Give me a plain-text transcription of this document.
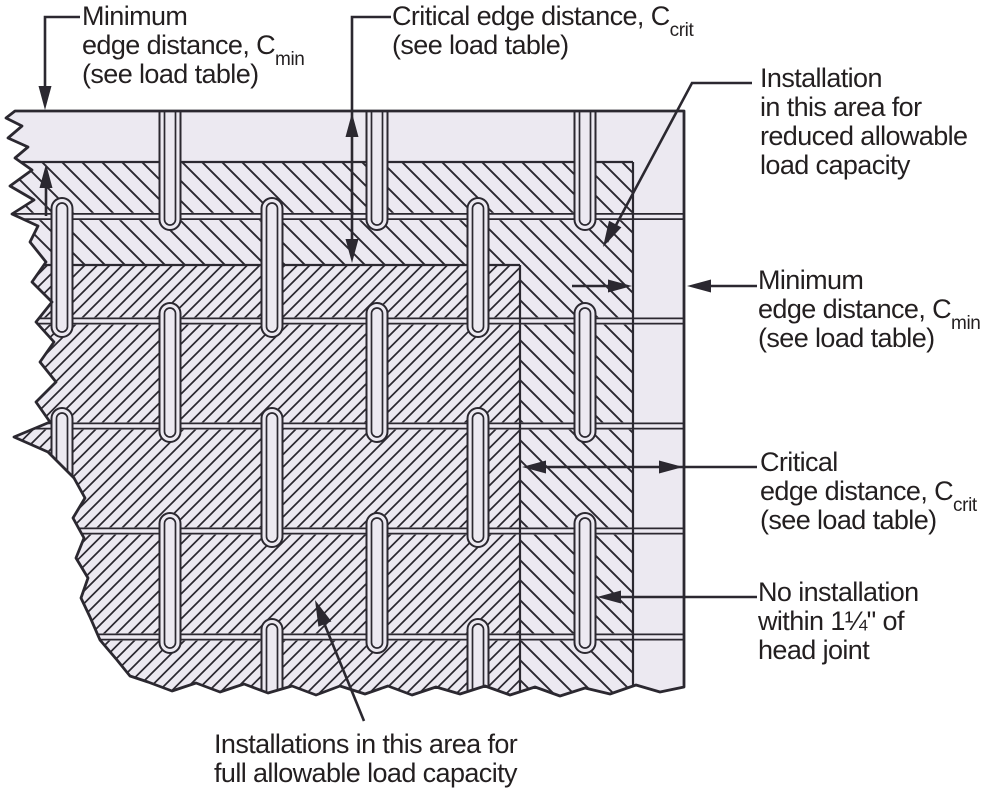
Minimum
edge distance, $C_{min}$
(see load table)
Critical edge distance, $C_{crit}$
(see load table)
Installation
in this area for
reduced allowable
load capacity
Minimum
edge distance, $C_{min}$
(see load table)
Critical
edge distance, $C_{crit}$
(see load table)
No installation
within 1¼" of
head joint
Installations in this area for
full allowable load capacity
